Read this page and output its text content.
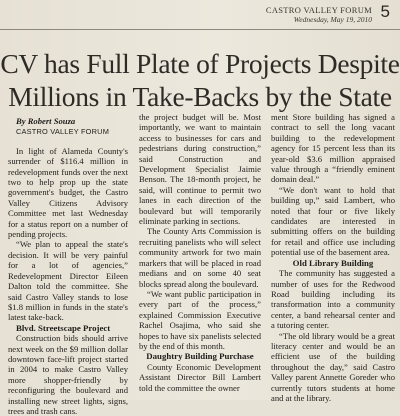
CASTRO VALLEY FORUM
Wednesday, May 19, 2010 5
CV has Full Plate of Projects Despite
Millions in Take-Backs by the State
By Robert Souza
CASTRO VALLEY FORUM

In light of Alameda County's surrender of $116.4 million in redevelopment funds over the next two to help prop up the state government's budget, the Castro Valley Citizens Advisory Committee met last Wednesday for a status report on a number of pending projects.

“We plan to appeal the state's decision. It will be very painful for a lot of agencies,” Redevelopment Director Eileen Dalton told the committee. She said Castro Valley stands to lose $1.8 million in funds in the state's latest take-back.

Blvd. Streetscape Project

Construction bids should arrive next week on the $9 million dollar downtown face-lift project started in 2004 to make Castro Valley more shopper-friendly by reconfiguring the boulevard and installing new street lights, signs, trees and trash cans.

the project budget will be. Most importantly, we want to maintain access to businesses for cars and pedestrians during construction,” said Construction and Development Specialist Jaimie Benson. The 18-month project, he said, will continue to permit two lanes in each direction of the boulevard but will temporarily eliminate parking in sections.

The County Arts Commission is recruiting panelists who will select community artwork for two main markers that will be placed in road medians and on some 40 seat blocks spread along the boulevard.

“We want public participation in every part of the process,” explained Commission Executive Rachel Osajima, who said she hopes to have six panelists selected by the end of this month.

Daughtry Building Purchase

County Economic Development Assistant Director Bill Lambert told the committee the owner

ment Store building has signed a contract to sell the long vacant building to the redevelopment agency for 15 percent less than its year-old $3.6 million appraised value through a “friendly eminent domain deal.”

“We don't want to hold that building up,” said Lambert, who noted that four or five likely candidates are interested in submitting offers on the building for retail and office use including potential use of the basement area.

Old Library Building

The community has suggested a number of uses for the Redwood Road building including its transformation into a community center, a band rehearsal center and a tutoring center.

“The old library would be a great literacy center and would be an efficient use of the building throughout the day,” said Castro Valley parent Annette Goreder who currently tutors students at home and at the library.
